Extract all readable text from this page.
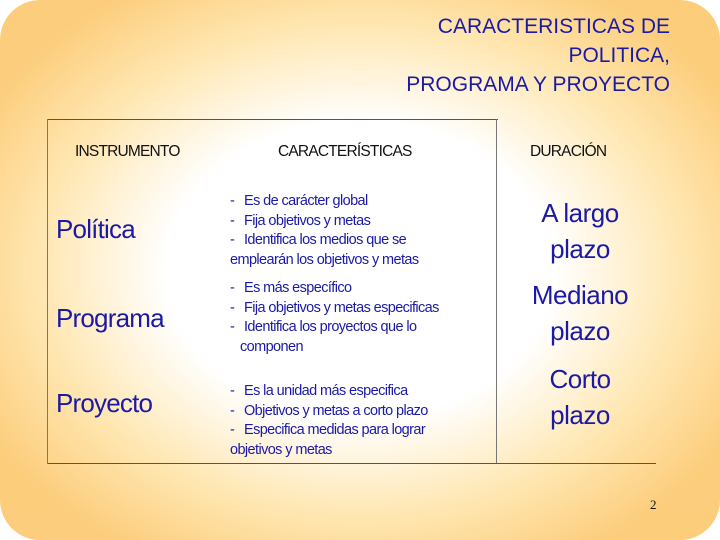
CARACTERISTICAS DE
POLITICA,
PROGRAMA Y PROYECTO
INSTRUMENTO	CARACTERÍSTICAS	DURACIÓN
Política
Programa
Proyecto
- Es de carácter global
- Fija objetivos y metas
- Identifica los medios que se
emplearán los objetivos y metas
- Es más específico
- Fija objetivos y metas especificas
- Identifica los proyectos que lo
componen
- Es la unidad más especifica
- Objetivos y metas a corto plazo
- Especifica medidas para lograr
objetivos y metas
A largo
plazo
Mediano
plazo
Corto
plazo
2
